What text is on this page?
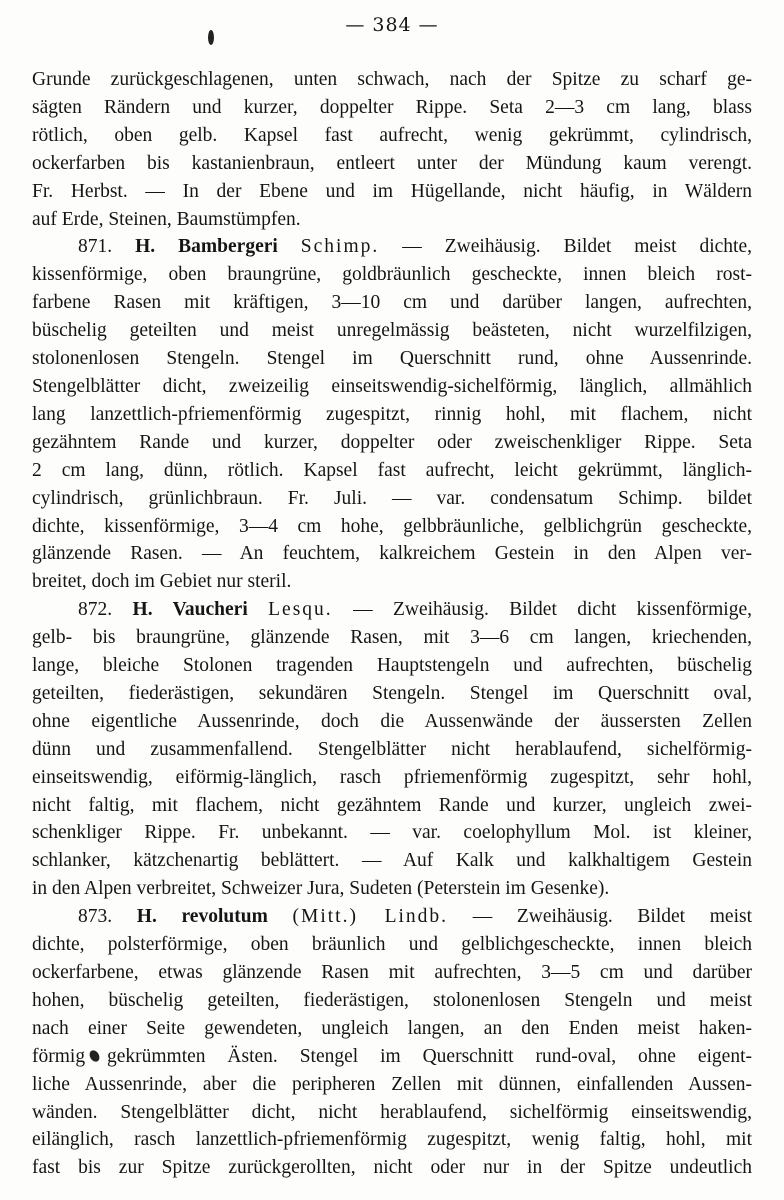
— 384 —
Grunde zurückgeschlagenen, unten schwach, nach der Spitze zu scharf ge-
sägten Rändern und kurzer, doppelter Rippe. Seta 2—3 cm lang, blass
rötlich, oben gelb. Kapsel fast aufrecht, wenig gekrümmt, cylindrisch,
ockerfarben bis kastanienbraun, entleert unter der Mündung kaum verengt.
Fr. Herbst. — In der Ebene und im Hügellande, nicht häufig, in Wäldern
auf Erde, Steinen, Baumstümpfen.
871. H. Bambergeri Schimp. — Zweihäusig. Bildet meist dichte,
kissenförmige, oben braungrüne, goldbräunlich gescheckte, innen bleich rost-
farbene Rasen mit kräftigen, 3—10 cm und darüber langen, aufrechten,
büschelig geteilten und meist unregelmässig beästeten, nicht wurzelfilzigen,
stolonenlosen Stengeln. Stengel im Querschnitt rund, ohne Aussenrinde.
Stengelblätter dicht, zweizeilig einseitswendig-sichelförmig, länglich, allmählich
lang lanzettlich-pfriemenförmig zugespitzt, rinnig hohl, mit flachem, nicht
gezähntem Rande und kurzer, doppelter oder zweischenkliger Rippe. Seta
2 cm lang, dünn, rötlich. Kapsel fast aufrecht, leicht gekrümmt, länglich-
cylindrisch, grünlichbraun. Fr. Juli. — var. condensatum Schimp. bildet
dichte, kissenförmige, 3—4 cm hohe, gelbbräunliche, gelblichgrün gescheckte,
glänzende Rasen. — An feuchtem, kalkreichem Gestein in den Alpen ver-
breitet, doch im Gebiet nur steril.
872. H. Vaucheri Lesqu. — Zweihäusig. Bildet dicht kissenförmige,
gelb- bis braungrüne, glänzende Rasen, mit 3—6 cm langen, kriechenden,
lange, bleiche Stolonen tragenden Hauptstengeln und aufrechten, büschelig
geteilten, fiederästigen, sekundären Stengeln. Stengel im Querschnitt oval,
ohne eigentliche Aussenrinde, doch die Aussenwände der äussersten Zellen
dünn und zusammenfallend. Stengelblätter nicht herablaufend, sichelförmig-
einseitswendig, eiförmig-länglich, rasch pfriemenförmig zugespitzt, sehr hohl,
nicht faltig, mit flachem, nicht gezähntem Rande und kurzer, ungleich zwei-
schenkliger Rippe. Fr. unbekannt. — var. coelophyllum Mol. ist kleiner,
schlanker, kätzchenartig beblättert. — Auf Kalk und kalkhaltigem Gestein
in den Alpen verbreitet, Schweizer Jura, Sudeten (Peterstein im Gesenke).
873. H. revolutum (Mitt.) Lindb. — Zweihäusig. Bildet meist
dichte, polsterförmige, oben bräunlich und gelblichgescheckte, innen bleich
ockerfarbene, etwas glänzende Rasen mit aufrechten, 3—5 cm und darüber
hohen, büschelig geteilten, fiederästigen, stolonenlosen Stengeln und meist
nach einer Seite gewendeten, ungleich langen, an den Enden meist haken-
förmig gekrümmten Ästen. Stengel im Querschnitt rund-oval, ohne eigent-
liche Aussenrinde, aber die peripheren Zellen mit dünnen, einfallenden Aussen-
wänden. Stengelblätter dicht, nicht herablaufend, sichelförmig einseitswendig,
eilänglich, rasch lanzettlich-pfriemenförmig zugespitzt, wenig faltig, hohl, mit
fast bis zur Spitze zurückgerollten, nicht oder nur in der Spitze undeutlich
